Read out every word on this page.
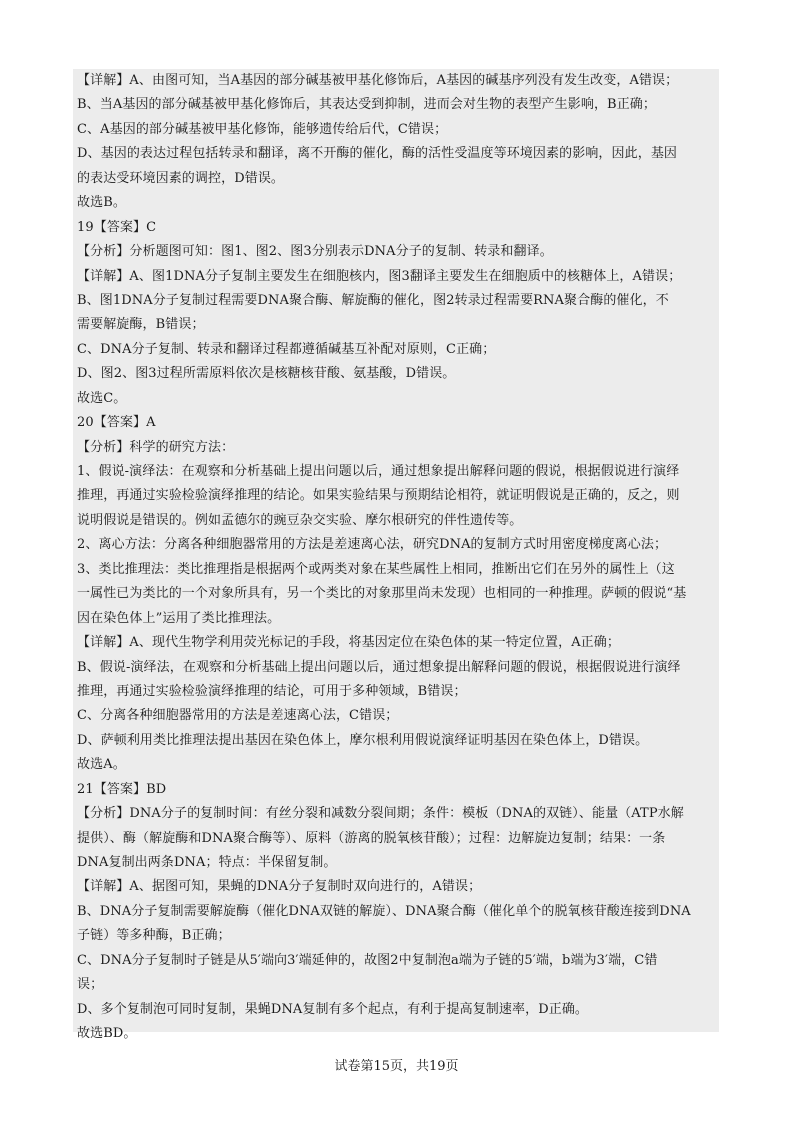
【详解】A、由图可知，当A基因的部分碱基被甲基化修饰后，A基因的碱基序列没有发生改变，A错误；
B、当A基因的部分碱基被甲基化修饰后，其表达受到抑制，进而会对生物的表型产生影响，B正确；
C、A基因的部分碱基被甲基化修饰，能够遗传给后代，C错误；
D、基因的表达过程包括转录和翻译，离不开酶的催化，酶的活性受温度等环境因素的影响，因此，基因
的表达受环境因素的调控，D错误。
故选B。
19【答案】C
【分析】分析题图可知：图1、图2、图3分别表示DNA分子的复制、转录和翻译。
【详解】A、图1DNA分子复制主要发生在细胞核内，图3翻译主要发生在细胞质中的核糖体上，A错误；
B、图1DNA分子复制过程需要DNA聚合酶、解旋酶的催化，图2转录过程需要RNA聚合酶的催化，不
需要解旋酶，B错误；
C、DNA分子复制、转录和翻译过程都遵循碱基互补配对原则，C正确；
D、图2、图3过程所需原料依次是核糖核苷酸、氨基酸，D错误。
故选C。
20【答案】A
【分析】科学的研究方法：
1、假说-演绎法：在观察和分析基础上提出问题以后，通过想象提出解释问题的假说，根据假说进行演绎
推理，再通过实验检验演绎推理的结论。如果实验结果与预期结论相符，就证明假说是正确的，反之，则
说明假说是错误的。例如孟德尔的豌豆杂交实验、摩尔根研究的伴性遗传等。
2、离心方法：分离各种细胞器常用的方法是差速离心法，研究DNA的复制方式时用密度梯度离心法；
3、类比推理法：类比推理指是根据两个或两类对象在某些属性上相同，推断出它们在另外的属性上（这
一属性已为类比的一个对象所具有，另一个类比的对象那里尚未发现）也相同的一种推理。萨顿的假说“基
因在染色体上”运用了类比推理法。
【详解】A、现代生物学利用荧光标记的手段，将基因定位在染色体的某一特定位置，A正确；
B、假说-演绎法，在观察和分析基础上提出问题以后，通过想象提出解释问题的假说，根据假说进行演绎
推理，再通过实验检验演绎推理的结论，可用于多种领域，B错误；
C、分离各种细胞器常用的方法是差速离心法，C错误；
D、萨顿利用类比推理法提出基因在染色体上，摩尔根利用假说演绎证明基因在染色体上，D错误。
故选A。
21【答案】BD
【分析】DNA分子的复制时间：有丝分裂和减数分裂间期；条件：模板（DNA的双链）、能量（ATP水解
提供）、酶（解旋酶和DNA聚合酶等）、原料（游离的脱氧核苷酸）；过程：边解旋边复制；结果：一条
DNA复制出两条DNA；特点：半保留复制。
【详解】A、据图可知，果蝇的DNA分子复制时双向进行的，A错误；
B、DNA分子复制需要解旋酶（催化DNA双链的解旋）、DNA聚合酶（催化单个的脱氧核苷酸连接到DNA
子链）等多种酶，B正确；
C、DNA分子复制时子链是从5′端向3′端延伸的，故图2中复制泡a端为子链的5′端，b端为3′端，C错
误；
D、多个复制泡可同时复制，果蝇DNA复制有多个起点，有利于提高复制速率，D正确。
故选BD。
试卷第15页，共19页
